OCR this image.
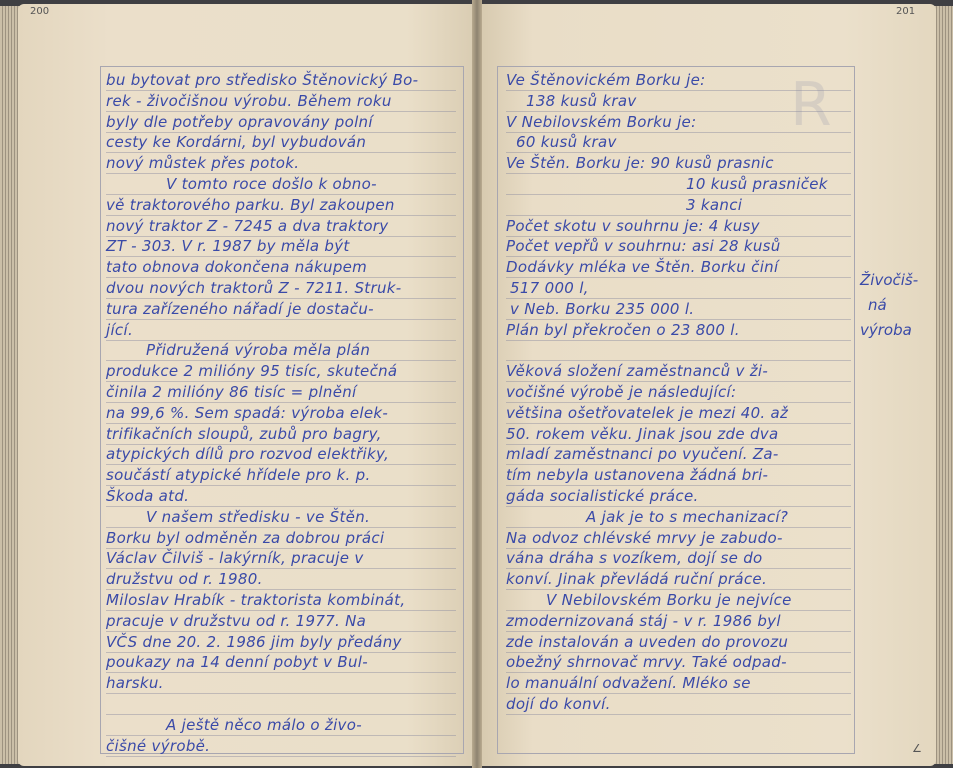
200	201
R
bu bytovat pro středisko Štěnovický Bo-
rek - živočišnou výrobu. Během roku
byly dle potřeby opravovány polní
cesty ke Kordárni, byl vybudován
nový můstek přes potok.
V tomto roce došlo k obno-
vě traktorového parku. Byl zakoupen
nový traktor Z - 7245 a dva traktory
ZT - 303. V r. 1987 by měla být
tato obnova dokončena nákupem
dvou nových traktorů Z - 7211. Struk-
tura zařízeného nářadí je dostaču-
jící.
Přidružená výroba měla plán
produkce 2 milióny 95 tisíc, skutečná
činila 2 milióny 86 tisíc = plnění
na 99,6 %. Sem spadá: výroba elek-
trifikačních sloupů, zubů pro bagry,
atypických dílů pro rozvod elektřiky,
součástí atypické hřídele pro k. p.
Škoda atd.
V našem středisku - ve Štěn.
Borku byl odměněn za dobrou práci
Václav Čilviš - lakýrník, pracuje v
družstvu od r. 1980.
Miloslav Hrabík - traktorista kombinát,
pracuje v družstvu od r. 1977. Na
VČS dne 20. 2. 1986 jim byly předány
poukazy na 14 denní pobyt v Bul-
harsku.
A ještě něco málo o živo-
čišné výrobě.
Ve Štěnovickém Borku je:
138 kusů krav
V Nebilovském Borku je:
60 kusů krav
Ve Štěn. Borku je: 90 kusů prasnic
10 kusů prasniček
3 kanci
Počet skotu v souhrnu je: 4 kusy
Počet vepřů v souhrnu: asi 28 kusů
Dodávky mléka ve Štěn. Borku činí
517 000 l,
v Neb. Borku 235 000 l.
Plán byl překročen o 23 800 l.
Věková složení zaměstnanců v ži-
vočišné výrobě je následující:
většina ošetřovatelek je mezi 40. až
50. rokem věku. Jinak jsou zde dva
mladí zaměstnanci po vyučení. Za-
tím nebyla ustanovena žádná bri-
gáda socialistické práce.
A jak je to s mechanizací?
Na odvoz chlévské mrvy je zabudo-
vána dráha s vozíkem, dojí se do
konví. Jinak převládá ruční práce.
V Nebilovském Borku je nejvíce
zmodernizovaná stáj - v r. 1986 byl
zde instalován a uveden do provozu
obežný shrnovač mrvy. Také odpad-
lo manuální odvažení. Mléko se
dojí do konví.
Živočiš-
ná
výroba
∠
